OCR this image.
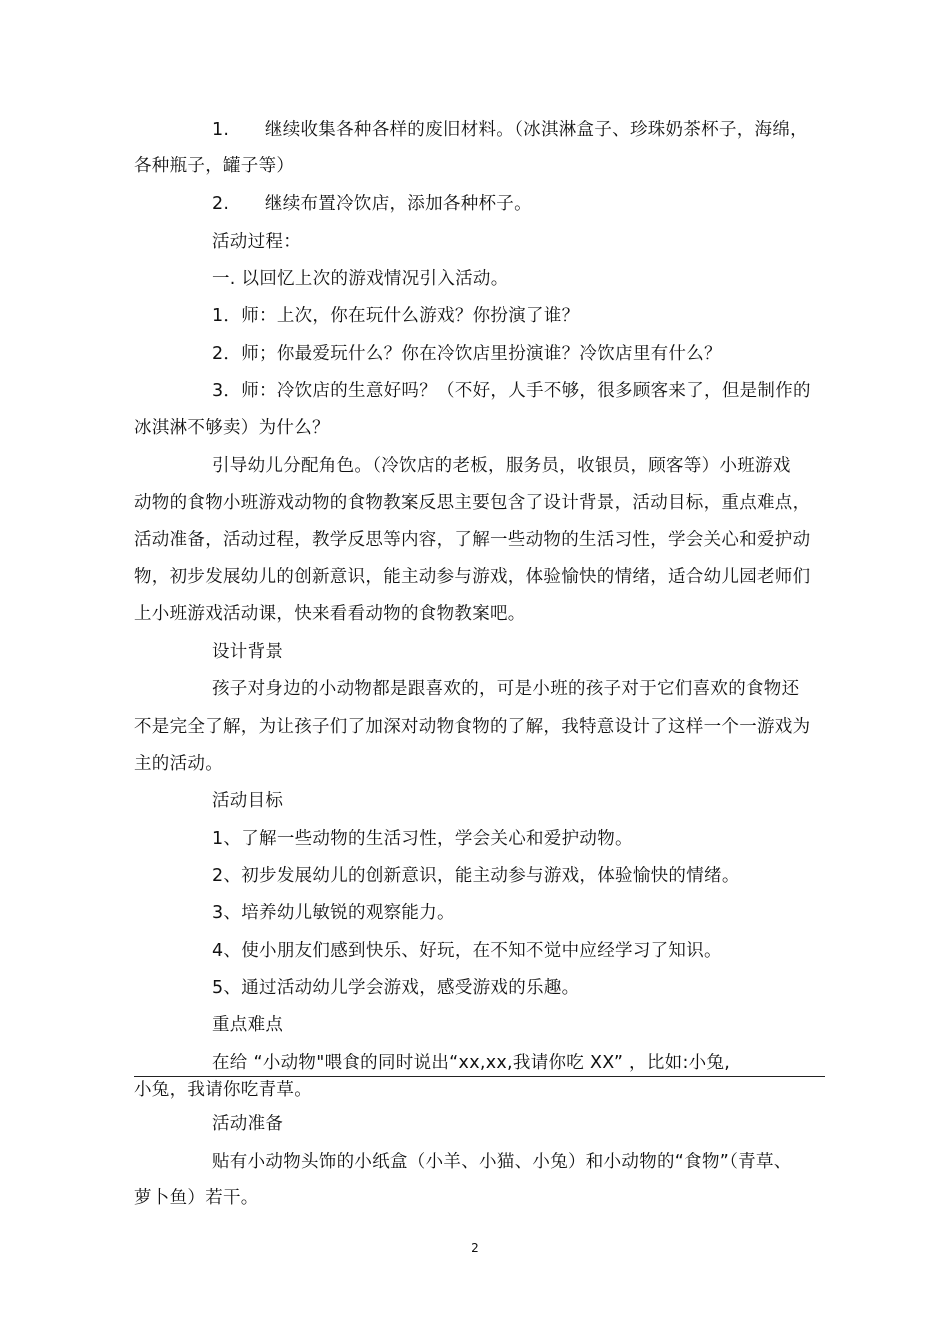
1.　　继续收集各种各样的废旧材料。（冰淇淋盒子、珍珠奶茶杯子，海绵，
各种瓶子，罐子等）
2.　　继续布置冷饮店，添加各种杯子。
活动过程：
一. 以回忆上次的游戏情况引入活动。
1．师：上次，你在玩什么游戏？你扮演了谁？
2．师；你最爱玩什么？你在冷饮店里扮演谁？冷饮店里有什么？
3．师：冷饮店的生意好吗？（不好，人手不够，很多顾客来了，但是制作的
冰淇淋不够卖）为什么？
引导幼儿分配角色。（冷饮店的老板，服务员，收银员，顾客等）小班游戏
动物的食物小班游戏动物的食物教案反思主要包含了设计背景，活动目标，重点难点，
活动准备，活动过程，教学反思等内容，了解一些动物的生活习性，学会关心和爱护动
物，初步发展幼儿的创新意识，能主动参与游戏，体验愉快的情绪，适合幼儿园老师们
上小班游戏活动课，快来看看动物的食物教案吧。
设计背景
孩子对身边的小动物都是跟喜欢的，可是小班的孩子对于它们喜欢的食物还
不是完全了解，为让孩子们了加深对动物食物的了解，我特意设计了这样一个一游戏为
主的活动。
活动目标
1、了解一些动物的生活习性，学会关心和爱护动物。
2、初步发展幼儿的创新意识，能主动参与游戏，体验愉快的情绪。
3、培养幼儿敏锐的观察能力。
4、使小朋友们感到快乐、好玩，在不知不觉中应经学习了知识。
5、通过活动幼儿学会游戏，感受游戏的乐趣。
重点难点
在给 “小动物"喂食的同时说出“xx,xx,我请你吃 XX” ，比如:小兔,
小兔，我请你吃青草。
活动准备
贴有小动物头饰的小纸盒（小羊、小猫、小兔）和小动物的“食物”（青草、
萝卜鱼）若干。
2
